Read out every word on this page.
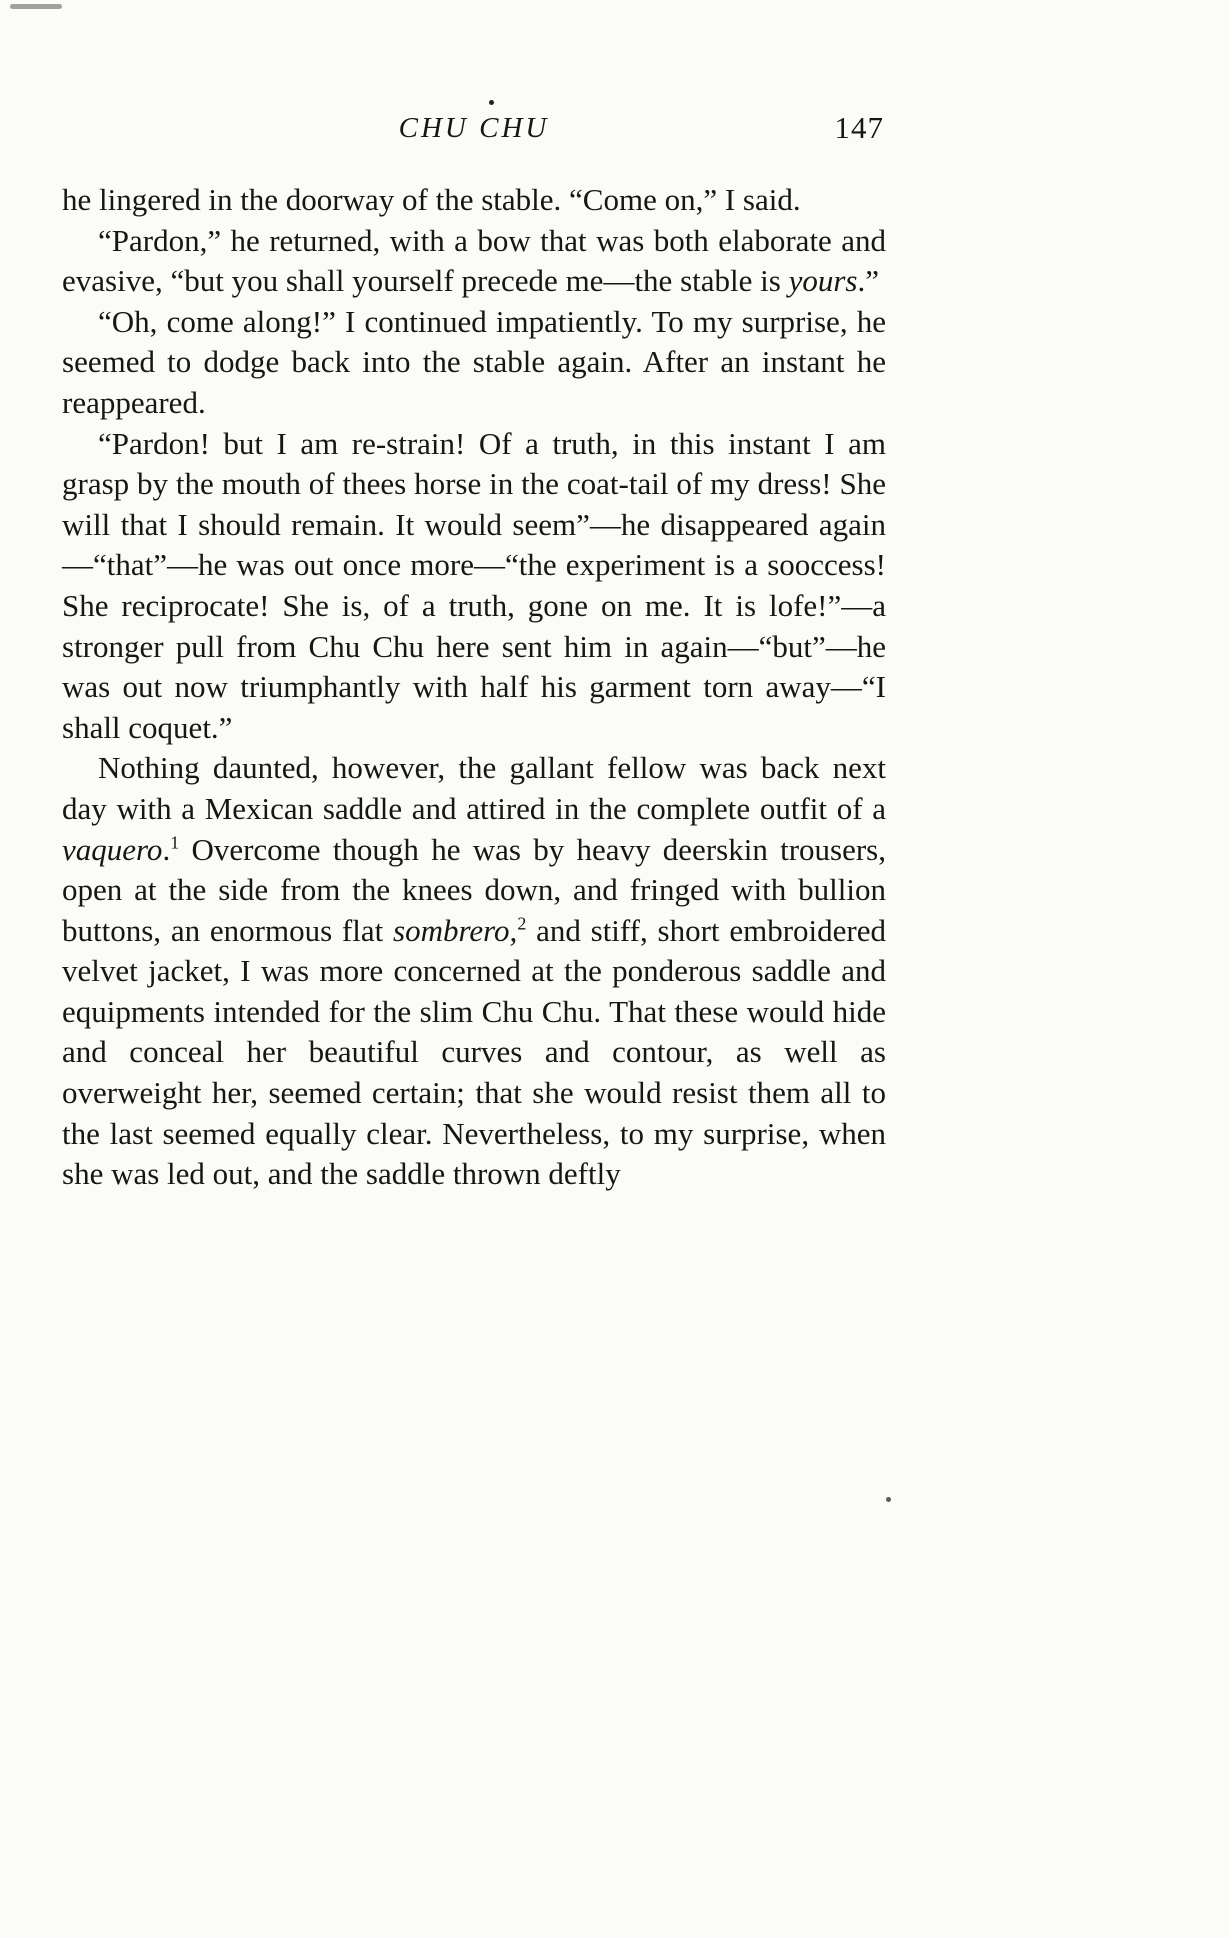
CHU CHU	147

he lingered in the doorway of the stable. “Come on,” I said.

“Pardon,” he returned, with a bow that was both elaborate and evasive, “but you shall yourself precede me—the stable is yours.”

“Oh, come along!” I continued impatiently. To my surprise, he seemed to dodge back into the stable again. After an instant he reappeared.

“Pardon! but I am re-strain! Of a truth, in this instant I am grasp by the mouth of thees horse in the coat-tail of my dress! She will that I should remain. It would seem”—he disappeared again—“that”—he was out once more—“the experiment is a sooccess! She reciprocate! She is, of a truth, gone on me. It is lofe!”—a stronger pull from Chu Chu here sent him in again—“but”—he was out now triumphantly with half his garment torn away—“I shall coquet.”

Nothing daunted, however, the gallant fellow was back next day with a Mexican saddle and attired in the complete outfit of a vaquero.$^1$ Overcome though he was by heavy deerskin trousers, open at the side from the knees down, and fringed with bullion buttons, an enormous flat sombrero,$^2$ and stiff, short embroidered velvet jacket, I was more concerned at the ponderous saddle and equipments intended for the slim Chu Chu. That these would hide and conceal her beautiful curves and contour, as well as overweight her, seemed certain; that she would resist them all to the last seemed equally clear. Nevertheless, to my surprise, when she was led out, and the saddle thrown deftly
